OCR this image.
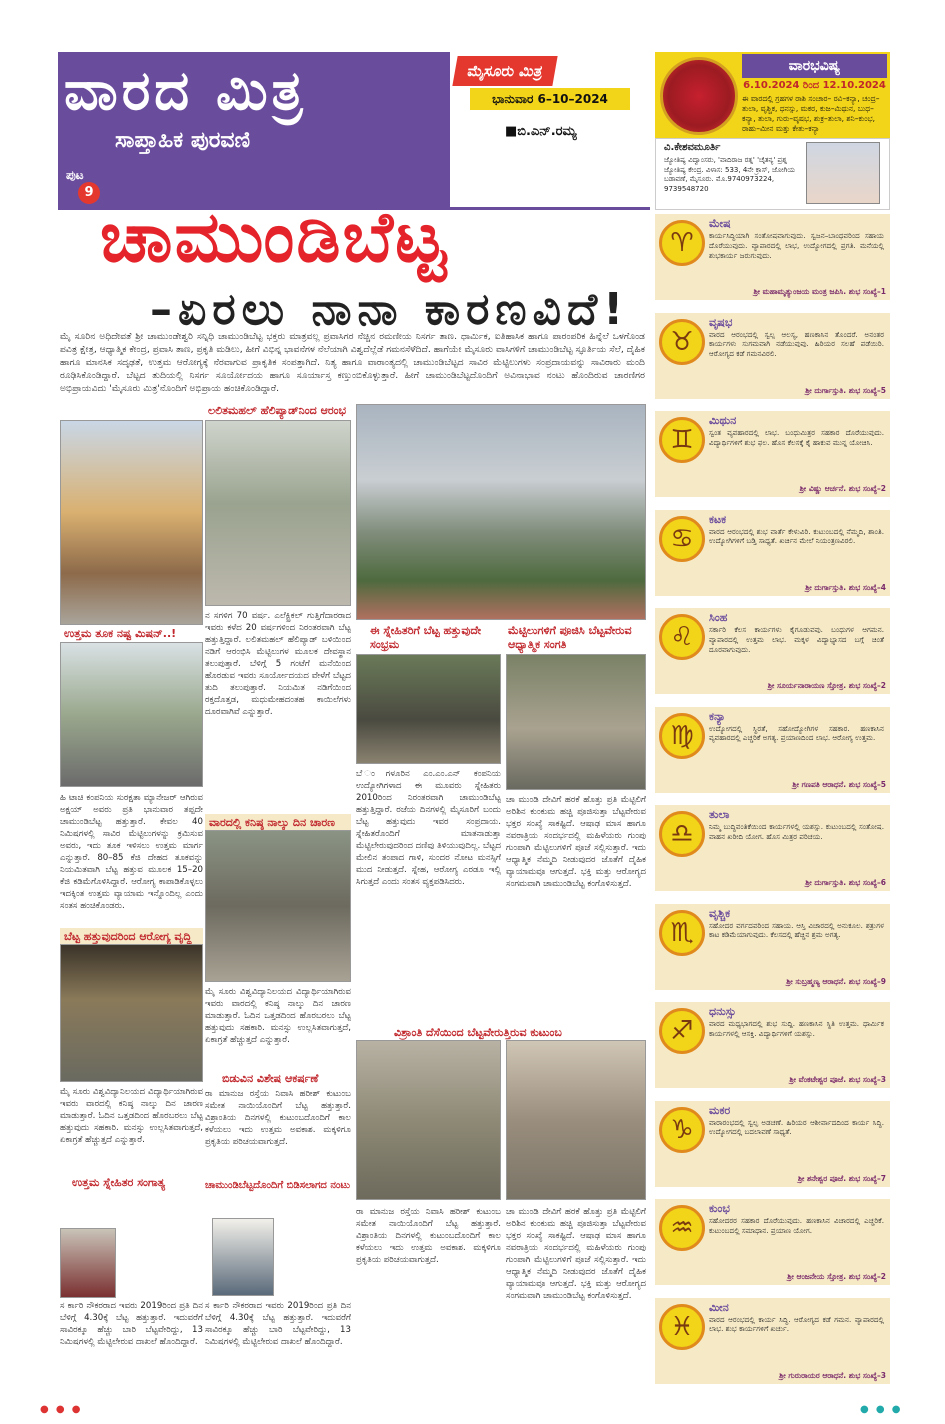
ವಾರದ ಮಿತ್ರ
ಸಾಪ್ತಾಹಿಕ ಪುರವಣಿ
ಮೈಸೂರು ಮಿತ್ರ
ಭಾನುವಾರ 6–10–2024
■ಬಿ.ಎನ್.ರಮ್ಯ
ಪುಟ
9
ಚಾಮುಂಡಿಬೆಟ್ಟ
–ಏರಲು ನಾನಾ ಕಾರಣವಿದೆ!
ಮೈ ಸೂರಿನ ಅಧಿದೇವತೆ ಶ್ರೀ ಚಾಮುಂಡೇಶ್ವರಿ ಸನ್ನಿಧಿ ಚಾಮುಂಡಿಬೆಟ್ಟ ಭಕ್ತರು ಮಾತ್ರವಲ್ಲ ಪ್ರವಾಸಿಗರ ನೆಚ್ಚಿನ ರಮಣೀಯ ನಿಸರ್ಗ ತಾಣ. ಧಾರ್ಮಿಕ, ಐತಿಹಾಸಿಕ ಹಾಗೂ ಪಾರಂಪರಿಕ ಹಿನ್ನೆಲೆ ಒಳಗೊಂಡ ಪವಿತ್ರ ಕ್ಷೇತ್ರ, ಆಧ್ಯಾತ್ಮಿಕ ಕೇಂದ್ರ, ಪ್ರವಾಸಿ ತಾಣ, ಪ್ರಕೃತಿ ಮಡಿಲು, ಹೀಗೆ ವಿಭಿನ್ನ ಭಾವನೆಗಳ ನೆಲೆಯಾಗಿ ವಿಶ್ವದೆಲ್ಲೆಡೆ ಗಮನಸೆಳೆದಿದೆ. ಹಾಗೆಯೇ ಮೈಸೂರು ವಾಸಿಗಳಿಗೆ ಚಾಮುಂಡಿಬೆಟ್ಟ ಸ್ಫೂರ್ತಿಯ ಸೆಲೆ, ದೈಹಿಕ ಹಾಗೂ ಮಾನಸಿಕ ಸದೃಢತೆ, ಉತ್ತಮ ಆರೋಗ್ಯಕ್ಕೆ ನೆರವಾಗುವ ಪ್ರಾಕೃತಿಕ ಸಂಪತ್ತಾಗಿದೆ. ನಿತ್ಯ ಹಾಗೂ ವಾರಾಂತ್ಯದಲ್ಲಿ ಚಾಮುಂಡಿಬೆಟ್ಟದ ಸಾವಿರ ಮೆಟ್ಟಿಲುಗಳು ಸಂಪ್ರದಾಯವನ್ನು ಸಾವಿರಾರು ಮಂದಿ ರೂಢಿಸಿಕೊಂಡಿದ್ದಾರೆ. ಬೆಟ್ಟದ ತುದಿಯಲ್ಲಿ ನಿಸರ್ಗ ಸೂರ್ಯೋದಯ ಹಾಗೂ ಸೂರ್ಯಾಸ್ತ ಕಣ್ತುಂಬಿಕೊಳ್ಳುತ್ತಾರೆ. ಹೀಗೆ ಚಾಮುಂಡಿಬೆಟ್ಟದೊಂದಿಗೆ ಅವಿನಾಭಾವ ನಂಟು ಹೊಂದಿರುವ ಚಾರಣಿಗರ ಅಭಿಪ್ರಾಯವಿದು 'ಮೈಸೂರು ಮಿತ್ರ'ನೊಂದಿಗೆ ಅಭಿಪ್ರಾಯ ಹಂಚಿಕೊಂಡಿದ್ದಾರೆ.
ಉತ್ತಮ ತೂಕ ನಷ್ಟ ಮಿಷನ್..!
ಹಿ ಟಾಚಿ ಕಂಪನಿಯ ಸುರಕ್ಷತಾ ಮ್ಯಾನೇಜರ್ ಆಗಿರುವ ಅಕ್ಷಯ್ ಅವರು ಪ್ರತಿ ಭಾನುವಾರ ತಪ್ಪದೇ ಚಾಮುಂಡಿಬೆಟ್ಟ ಹತ್ತುತ್ತಾರೆ. ಕೇವಲ 40 ನಿಮಿಷಗಳಲ್ಲಿ ಸಾವಿರ ಮೆಟ್ಟಿಲುಗಳನ್ನು ಕ್ರಮಿಸುವ ಅವರು, ಇದು ತೂಕ ಇಳಿಸಲು ಉತ್ತಮ ಮಾರ್ಗ ಎನ್ನುತ್ತಾರೆ. 80–85 ಕೆಜಿ ದೇಹದ ತೂಕವನ್ನು ನಿಯಮಿತವಾಗಿ ಬೆಟ್ಟ ಹತ್ತುವ ಮೂಲಕ 15–20 ಕೆಜಿ ಕಡಿಮೆಗೊಳಿಸಿದ್ದಾರೆ. ಆರೋಗ್ಯ ಕಾಪಾಡಿಕೊಳ್ಳಲು ಇದಕ್ಕಿಂತ ಉತ್ತಮ ವ್ಯಾಯಾಮ ಇನ್ನೊಂದಿಲ್ಲ ಎಂದು ಸಂತಸ ಹಂಚಿಕೊಂಡರು.
ಬೆಟ್ಟ ಹತ್ತುವುದರಿಂದ ಆರೋಗ್ಯ ವೃದ್ಧಿ
ಮೈ ಸೂರು ವಿಶ್ವವಿದ್ಯಾನಿಲಯದ ವಿದ್ಯಾರ್ಥಿಯಾಗಿರುವ ಇವರು ವಾರದಲ್ಲಿ ಕನಿಷ್ಠ ನಾಲ್ಕು ದಿನ ಚಾರಣ ಮಾಡುತ್ತಾರೆ. ಓದಿನ ಒತ್ತಡದಿಂದ ಹೊರಬರಲು ಬೆಟ್ಟ ಹತ್ತುವುದು ಸಹಕಾರಿ. ಮನಸ್ಸು ಉಲ್ಲಸಿತವಾಗುತ್ತದೆ, ಏಕಾಗ್ರತೆ ಹೆಚ್ಚುತ್ತದೆ ಎನ್ನುತ್ತಾರೆ.
ಉತ್ತಮ ಸ್ನೇಹಿತರ ಸಂಗಾತ್ಯ
ಸ ರ್ಕಾರಿ ನೌಕರರಾದ ಇವರು 2019ರಿಂದ ಪ್ರತಿ ದಿನ ಬೆಳಿಗ್ಗೆ 4.30ಕ್ಕೆ ಬೆಟ್ಟ ಹತ್ತುತ್ತಾರೆ. ಇದುವರೆಗೆ ಸಾವಿರಕ್ಕೂ ಹೆಚ್ಚು ಬಾರಿ ಬೆಟ್ಟವೇರಿದ್ದು, 13 ನಿಮಿಷಗಳಲ್ಲಿ ಮೆಟ್ಟಿಲೇರುವ ದಾಖಲೆ ಹೊಂದಿದ್ದಾರೆ.
ಲಲಿತಮಹಲ್ ಹೆಲಿಪ್ಯಾಡ್‌ನಿಂದ ಆರಂಭ
ನ ಸಗಳಿಗ 70 ವರ್ಷ. ಎಲೆಕ್ಟ್ರಿಕಲ್ ಗುತ್ತಿಗೆದಾರರಾದ ಇವರು ಕಳೆದ 20 ವರ್ಷಗಳಿಂದ ನಿರಂತರವಾಗಿ ಬೆಟ್ಟ ಹತ್ತುತ್ತಿದ್ದಾರೆ. ಲಲಿತಮಹಲ್ ಹೆಲಿಪ್ಯಾಡ್ ಬಳಿಯಿಂದ ನಡಿಗೆ ಆರಂಭಿಸಿ ಮೆಟ್ಟಿಲುಗಳ ಮೂಲಕ ದೇವಸ್ಥಾನ ತಲುಪುತ್ತಾರೆ. ಬೆಳಿಗ್ಗೆ 5 ಗಂಟೆಗೆ ಮನೆಯಿಂದ ಹೊರಡುವ ಇವರು ಸೂರ್ಯೋದಯದ ವೇಳೆಗೆ ಬೆಟ್ಟದ ತುದಿ ತಲುಪುತ್ತಾರೆ. ನಿಯಮಿತ ನಡಿಗೆಯಿಂದ ರಕ್ತದೊತ್ತಡ, ಮಧುಮೇಹದಂತಹ ಕಾಯಿಲೆಗಳು ದೂರವಾಗಿವೆ ಎನ್ನುತ್ತಾರೆ.
ವಾರದಲ್ಲಿ ಕನಿಷ್ಠ ನಾಲ್ಕು ದಿನ ಚಾರಣ
ಮೈ ಸೂರು ವಿಶ್ವವಿದ್ಯಾನಿಲಯದ ವಿದ್ಯಾರ್ಥಿಯಾಗಿರುವ ಇವರು ವಾರದಲ್ಲಿ ಕನಿಷ್ಠ ನಾಲ್ಕು ದಿನ ಚಾರಣ ಮಾಡುತ್ತಾರೆ. ಓದಿನ ಒತ್ತಡದಿಂದ ಹೊರಬರಲು ಬೆಟ್ಟ ಹತ್ತುವುದು ಸಹಕಾರಿ. ಮನಸ್ಸು ಉಲ್ಲಸಿತವಾಗುತ್ತದೆ, ಏಕಾಗ್ರತೆ ಹೆಚ್ಚುತ್ತದೆ ಎನ್ನುತ್ತಾರೆ.
ಬಿಡುವಿನ ವಿಶೇಷ ಆಕರ್ಷಣೆ
ರಾ ಮಾನುಜ ರಸ್ತೆಯ ನಿವಾಸಿ ಹರೀಶ್ ಕುಟುಂಬ ಸಮೇತ ನಾಯಿಯೊಂದಿಗೆ ಬೆಟ್ಟ ಹತ್ತುತ್ತಾರೆ. ವಿಶ್ರಾಂತಿಯ ದಿನಗಳಲ್ಲಿ ಕುಟುಂಬದೊಂದಿಗೆ ಕಾಲ ಕಳೆಯಲು ಇದು ಉತ್ತಮ ಅವಕಾಶ. ಮಕ್ಕಳಿಗೂ ಪ್ರಕೃತಿಯ ಪರಿಚಯವಾಗುತ್ತದೆ.
ಚಾಮುಂಡಿಬೆಟ್ಟದೊಂದಿಗೆ ಬಿಡಿಸಲಾಗದ ನಂಟು
ಸ ರ್ಕಾರಿ ನೌಕರರಾದ ಇವರು 2019ರಿಂದ ಪ್ರತಿ ದಿನ ಬೆಳಿಗ್ಗೆ 4.30ಕ್ಕೆ ಬೆಟ್ಟ ಹತ್ತುತ್ತಾರೆ. ಇದುವರೆಗೆ ಸಾವಿರಕ್ಕೂ ಹೆಚ್ಚು ಬಾರಿ ಬೆಟ್ಟವೇರಿದ್ದು, 13 ನಿಮಿಷಗಳಲ್ಲಿ ಮೆಟ್ಟಿಲೇರುವ ದಾಖಲೆ ಹೊಂದಿದ್ದಾರೆ.
ಈ ಸ್ನೇಹಿತರಿಗೆ ಬೆಟ್ಟ ಹತ್ತುವುದೇ ಸಂಭ್ರಮ
ಬೆ ಂಗಳೂರಿನ ಎಂ.ಎಂ.ಎನ್ ಕಂಪನಿಯ ಉದ್ಯೋಗಿಗಳಾದ ಈ ಮೂವರು ಸ್ನೇಹಿತರು 2010ರಿಂದ ನಿರಂತರವಾಗಿ ಚಾಮುಂಡಿಬೆಟ್ಟ ಹತ್ತುತ್ತಿದ್ದಾರೆ. ರಜೆಯ ದಿನಗಳಲ್ಲಿ ಮೈಸೂರಿಗೆ ಬಂದು ಬೆಟ್ಟ ಹತ್ತುವುದು ಇವರ ಸಂಪ್ರದಾಯ. ಸ್ನೇಹಿತರೊಂದಿಗೆ ಮಾತನಾಡುತ್ತಾ ಮೆಟ್ಟಿಲೇರುವುದರಿಂದ ದಣಿವು ತಿಳಿಯುವುದಿಲ್ಲ. ಬೆಟ್ಟದ ಮೇಲಿನ ತಂಪಾದ ಗಾಳಿ, ಸುಂದರ ನೋಟ ಮನಸ್ಸಿಗೆ ಮುದ ನೀಡುತ್ತದೆ. ಸ್ನೇಹ, ಆರೋಗ್ಯ ಎರಡೂ ಇಲ್ಲಿ ಸಿಗುತ್ತದೆ ಎಂದು ಸಂತಸ ವ್ಯಕ್ತಪಡಿಸಿದರು.
ಮೆಟ್ಟಿಲುಗಳಿಗೆ ಪೂಜಿಸಿ ಬೆಟ್ಟವೇರುವ ಆಧ್ಯಾತ್ಮಿಕ ಸಂಗತಿ
ಚಾ ಮುಂಡಿ ದೇವಿಗೆ ಹರಕೆ ಹೊತ್ತು ಪ್ರತಿ ಮೆಟ್ಟಿಲಿಗೆ ಅರಿಶಿನ ಕುಂಕುಮ ಹಚ್ಚಿ ಪೂಜಿಸುತ್ತಾ ಬೆಟ್ಟವೇರುವ ಭಕ್ತರ ಸಂಖ್ಯೆ ಸಾಕಷ್ಟಿದೆ. ಆಷಾಢ ಮಾಸ ಹಾಗೂ ನವರಾತ್ರಿಯ ಸಂದರ್ಭದಲ್ಲಿ ಮಹಿಳೆಯರು ಗುಂಪು ಗುಂಪಾಗಿ ಮೆಟ್ಟಿಲುಗಳಿಗೆ ಪೂಜೆ ಸಲ್ಲಿಸುತ್ತಾರೆ. ಇದು ಆಧ್ಯಾತ್ಮಿಕ ನೆಮ್ಮದಿ ನೀಡುವುದರ ಜೊತೆಗೆ ದೈಹಿಕ ವ್ಯಾಯಾಮವೂ ಆಗುತ್ತದೆ. ಭಕ್ತಿ ಮತ್ತು ಆರೋಗ್ಯದ ಸಂಗಮವಾಗಿ ಚಾಮುಂಡಿಬೆಟ್ಟ ಕಂಗೊಳಿಸುತ್ತದೆ.
ವಿಶ್ರಾಂತಿ ದೆಸೆಯಿಂದ ಬೆಟ್ಟವೇರುತ್ತಿರುವ ಕುಟುಂಬ
ರಾ ಮಾನುಜ ರಸ್ತೆಯ ನಿವಾಸಿ ಹರೀಶ್ ಕುಟುಂಬ ಸಮೇತ ನಾಯಿಯೊಂದಿಗೆ ಬೆಟ್ಟ ಹತ್ತುತ್ತಾರೆ. ವಿಶ್ರಾಂತಿಯ ದಿನಗಳಲ್ಲಿ ಕುಟುಂಬದೊಂದಿಗೆ ಕಾಲ ಕಳೆಯಲು ಇದು ಉತ್ತಮ ಅವಕಾಶ. ಮಕ್ಕಳಿಗೂ ಪ್ರಕೃತಿಯ ಪರಿಚಯವಾಗುತ್ತದೆ.
ಚಾ ಮುಂಡಿ ದೇವಿಗೆ ಹರಕೆ ಹೊತ್ತು ಪ್ರತಿ ಮೆಟ್ಟಿಲಿಗೆ ಅರಿಶಿನ ಕುಂಕುಮ ಹಚ್ಚಿ ಪೂಜಿಸುತ್ತಾ ಬೆಟ್ಟವೇರುವ ಭಕ್ತರ ಸಂಖ್ಯೆ ಸಾಕಷ್ಟಿದೆ. ಆಷಾಢ ಮಾಸ ಹಾಗೂ ನವರಾತ್ರಿಯ ಸಂದರ್ಭದಲ್ಲಿ ಮಹಿಳೆಯರು ಗುಂಪು ಗುಂಪಾಗಿ ಮೆಟ್ಟಿಲುಗಳಿಗೆ ಪೂಜೆ ಸಲ್ಲಿಸುತ್ತಾರೆ. ಇದು ಆಧ್ಯಾತ್ಮಿಕ ನೆಮ್ಮದಿ ನೀಡುವುದರ ಜೊತೆಗೆ ದೈಹಿಕ ವ್ಯಾಯಾಮವೂ ಆಗುತ್ತದೆ. ಭಕ್ತಿ ಮತ್ತು ಆರೋಗ್ಯದ ಸಂಗಮವಾಗಿ ಚಾಮುಂಡಿಬೆಟ್ಟ ಕಂಗೊಳಿಸುತ್ತದೆ.
ವಾರಭವಿಷ್ಯ
6.10.2024 ರಿಂದ 12.10.2024
ಈ ವಾರದಲ್ಲಿ ಗ್ರಹಗಳ ರಾಶಿ ಸಂಚಾರ– ರವಿ–ಕನ್ಯಾ, ಚಂದ್ರ–ತುಲಾ, ವೃಶ್ಚಿಕ, ಧನಸ್ಸು, ಮಕರ, ಕುಜ–ಮಿಥುನ, ಬುಧ–ಕನ್ಯಾ, ತುಲಾ, ಗುರು–ವೃಷಭ, ಶುಕ್ರ–ತುಲಾ, ಶನಿ–ಕುಂಭ, ರಾಹು–ಮೀನ ಮತ್ತು ಕೇತು–ಕನ್ಯಾ
ವಿ.ಕೇಶವಮೂರ್ತಿ
ಜ್ಯೋತಿಷ್ಯ ವಿದ್ವಾಂಸರು, 'ವಾದಿರಾಜ ರತ್ನ' 'ಚೈತನ್ಯ' ಪ್ರಶ್ನ ಜ್ಯೋತಿಷ್ಯ ಕೇಂದ್ರ. ವಿಳಾಸ: 533, 4ನೇ ಕ್ರಾಸ್, ಜೋಗಿಯ ಬಡಾವಣೆ, ಮೈಸೂರು. ಮೊ.9740973224, 9739548720
♈
ಮೇಷ
ಕಾರ್ಯಸಿದ್ಧಿಯಾಗಿ ಸಂತೋಷವಾಗುವುದು. ಸ್ವಜನ–ಬಾಂಧವರಿಂದ ಸಹಾಯ ದೊರೆಯುವುದು. ವ್ಯಾಪಾರದಲ್ಲಿ ಲಾಭ, ಉದ್ಯೋಗದಲ್ಲಿ ಪ್ರಗತಿ. ಮನೆಯಲ್ಲಿ ಶುಭಕಾರ್ಯ ಜರುಗುವುದು.
ಶ್ರೀ ಮಹಾಮೃತ್ಯುಂಜಯ ಮಂತ್ರ ಜಪಿಸಿ. ಶುಭ ಸಂಖ್ಯೆ–1
♉
ವೃಷಭ
ವಾರದ ಆರಂಭದಲ್ಲಿ ಸ್ವಲ್ಪ ಆಲಸ್ಯ, ಹಣಕಾಸಿನ ತೊಂದರೆ. ಅನಂತರ ಕಾರ್ಯಗಳು ಸುಗಮವಾಗಿ ನಡೆಯುವುವು. ಹಿರಿಯರ ಸಲಹೆ ಪಡೆಯಿರಿ. ಆರೋಗ್ಯದ ಕಡೆ ಗಮನವಿರಲಿ.
ಶ್ರೀ ದುರ್ಗಾಸ್ತುತಿ. ಶುಭ ಸಂಖ್ಯೆ–5
♊
ಮಿಥುನ
ಸ್ವಂತ ವ್ಯವಹಾರದಲ್ಲಿ ಲಾಭ. ಬಂಧುಮಿತ್ರರ ಸಹಕಾರ ದೊರೆಯುವುದು. ವಿದ್ಯಾರ್ಥಿಗಳಿಗೆ ಶುಭ ಫಲ. ಹೊಸ ಕೆಲಸಕ್ಕೆ ಕೈ ಹಾಕುವ ಮುನ್ನ ಯೋಚಿಸಿ.
ಶ್ರೀ ವಿಷ್ಣು ಆರ್ಚನೆ. ಶುಭ ಸಂಖ್ಯೆ–2
♋
ಕಟಕ
ವಾರದ ಆರಂಭದಲ್ಲಿ ಶುಭ ವಾರ್ತೆ ಕೇಳುವಿರಿ. ಕುಟುಂಬದಲ್ಲಿ ನೆಮ್ಮದಿ, ಶಾಂತಿ. ಉದ್ಯೋಗಿಗಳಿಗೆ ಬಡ್ತಿ ಸಾಧ್ಯತೆ. ಖರ್ಚಿನ ಮೇಲೆ ನಿಯಂತ್ರಣವಿರಲಿ.
ಶ್ರೀ ದುರ್ಗಾಸ್ತುತಿ. ಶುಭ ಸಂಖ್ಯೆ–4
♌
ಸಿಂಹ
ಸರ್ಕಾರಿ ಕೆಲಸ ಕಾರ್ಯಗಳು ಕೈಗೂಡುವವು. ಬಂಧುಗಳ ಆಗಮನ. ವ್ಯಾಪಾರದಲ್ಲಿ ಉತ್ತಮ ಲಾಭ. ಮಕ್ಕಳ ವಿದ್ಯಾಭ್ಯಾಸದ ಬಗ್ಗೆ ಚಿಂತೆ ದೂರವಾಗುವುದು.
ಶ್ರೀ ಸೂರ್ಯನಾರಾಯಣ ಸ್ತೋತ್ರ. ಶುಭ ಸಂಖ್ಯೆ–2
♍
ಕನ್ಯಾ
ಉದ್ಯೋಗದಲ್ಲಿ ಸ್ಥಿರತೆ, ಸಹೋದ್ಯೋಗಿಗಳ ಸಹಕಾರ. ಹಣಕಾಸಿನ ವ್ಯವಹಾರದಲ್ಲಿ ಎಚ್ಚರಿಕೆ ಅಗತ್ಯ. ಪ್ರಯಾಣದಿಂದ ಲಾಭ. ಆರೋಗ್ಯ ಉತ್ತಮ.
ಶ್ರೀ ಗಣಪತಿ ಆರಾಧನೆ. ಶುಭ ಸಂಖ್ಯೆ–5
♎
ತುಲಾ
ನಿಮ್ಮ ಬುದ್ಧಿವಂತಿಕೆಯಿಂದ ಕಾರ್ಯಗಳಲ್ಲಿ ಯಶಸ್ಸು. ಕುಟುಂಬದಲ್ಲಿ ಸಂತೋಷ. ವಾಹನ ಖರೀದಿ ಯೋಗ. ಹೊಸ ಮಿತ್ರರ ಪರಿಚಯ.
ಶ್ರೀ ದುರ್ಗಾಸ್ತುತಿ. ಶುಭ ಸಂಖ್ಯೆ–6
♏
ವೃಶ್ಚಿಕ
ಸಹೋದರ ವರ್ಗದವರಿಂದ ಸಹಾಯ. ಆಸ್ತಿ ವಿಚಾರದಲ್ಲಿ ಅನುಕೂಲ. ಶತ್ರುಗಳ ಕಾಟ ಕಡಿಮೆಯಾಗುವುದು. ಕೆಲಸದಲ್ಲಿ ಹೆಚ್ಚಿನ ಶ್ರಮ ಅಗತ್ಯ.
ಶ್ರೀ ಸುಬ್ರಹ್ಮಣ್ಯ ಆರಾಧನೆ. ಶುಭ ಸಂಖ್ಯೆ–9
♐
ಧನುಸ್ಸು
ವಾರದ ಮಧ್ಯಭಾಗದಲ್ಲಿ ಶುಭ ಸುದ್ದಿ. ಹಣಕಾಸಿನ ಸ್ಥಿತಿ ಉತ್ತಮ. ಧಾರ್ಮಿಕ ಕಾರ್ಯಗಳಲ್ಲಿ ಆಸಕ್ತಿ. ವಿದ್ಯಾರ್ಥಿಗಳಿಗೆ ಯಶಸ್ಸು.
ಶ್ರೀ ವೆಂಕಟೇಶ್ವರ ಪೂಜೆ. ಶುಭ ಸಂಖ್ಯೆ–3
♑
ಮಕರ
ವಾರಾರಂಭದಲ್ಲಿ ಸ್ವಲ್ಪ ಅಡಚಣೆ. ಹಿರಿಯರ ಆಶೀರ್ವಾದದಿಂದ ಕಾರ್ಯ ಸಿದ್ಧಿ. ಉದ್ಯೋಗದಲ್ಲಿ ಬದಲಾವಣೆ ಸಾಧ್ಯತೆ.
ಶ್ರೀ ಶನೇಶ್ವರ ಪೂಜೆ. ಶುಭ ಸಂಖ್ಯೆ–7
♒
ಕುಂಭ
ಸಹೋದರರ ಸಹಕಾರ ದೊರೆಯುವುದು. ಹಣಕಾಸಿನ ವಿಚಾರದಲ್ಲಿ ಎಚ್ಚರಿಕೆ. ಕುಟುಂಬದಲ್ಲಿ ಸಮಾಧಾನ. ಪ್ರಯಾಣ ಯೋಗ.
ಶ್ರೀ ಆಂಜನೇಯ ಸ್ತೋತ್ರ. ಶುಭ ಸಂಖ್ಯೆ–2
♓
ಮೀನ
ವಾರದ ಆರಂಭದಲ್ಲಿ ಕಾರ್ಯ ಸಿದ್ಧಿ. ಆರೋಗ್ಯದ ಕಡೆ ಗಮನ. ವ್ಯಾಪಾರದಲ್ಲಿ ಲಾಭ. ಶುಭ ಕಾರ್ಯಗಳಿಗೆ ಖರ್ಚು.
ಶ್ರೀ ಗುರುರಾಯರ ಆರಾಧನೆ. ಶುಭ ಸಂಖ್ಯೆ–3
● ● ●	● ● ●
